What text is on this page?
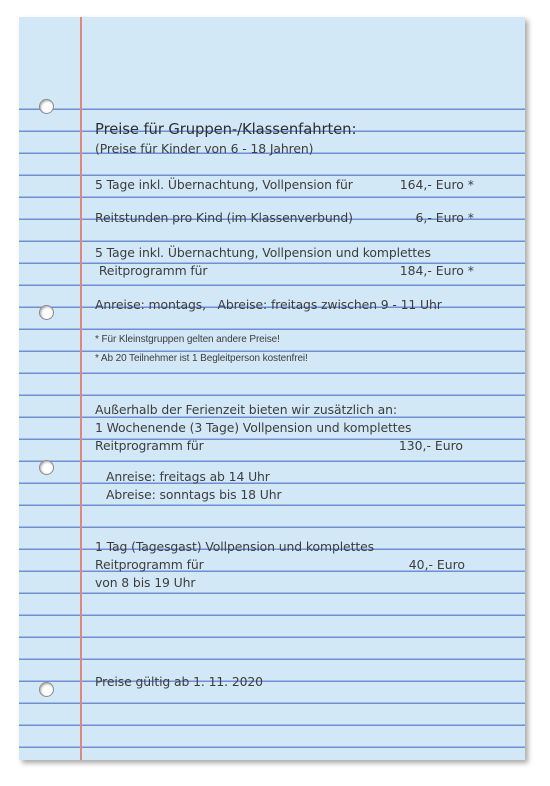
Preise für Gruppen-/Klassenfahrten:
(Preise für Kinder von 6 - 18 Jahren)
5 Tage inkl. Übernachtung, Vollpension für	164,- Euro *
Reitstunden pro Kind (im Klassenverbund)	6,- Euro *
5 Tage inkl. Übernachtung, Vollpension und komplettes
Reitprogramm für	184,- Euro *
Anreise: montags,   Abreise: freitags zwischen 9 - 11 Uhr
* Für Kleinstgruppen gelten andere Preise!
* Ab 20 Teilnehmer ist 1 Begleitperson kostenfrei!
Außerhalb der Ferienzeit bieten wir zusätzlich an:
1 Wochenende (3 Tage) Vollpension und komplettes
Reitprogramm für	130,- Euro
Anreise: freitags ab 14 Uhr
Abreise: sonntags bis 18 Uhr
1 Tag (Tagesgast) Vollpension und komplettes
Reitprogramm für	40,- Euro
von 8 bis 19 Uhr
Preise gültig ab 1. 11. 2020
